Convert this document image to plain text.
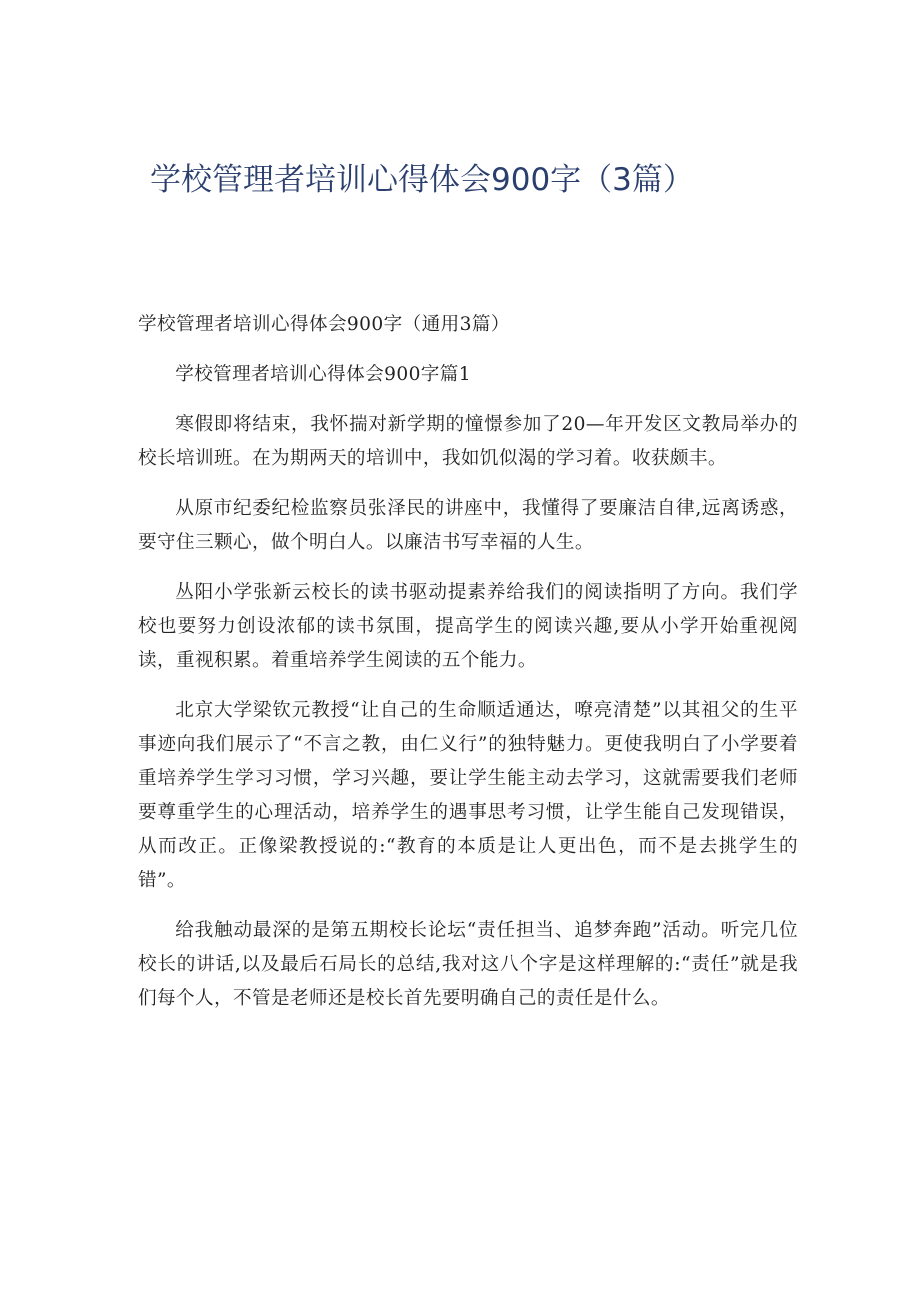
学校管理者培训心得体会900字（3篇）

学校管理者培训心得体会900字（通用3篇）

学校管理者培训心得体会900字篇1

寒假即将结束，我怀揣对新学期的憧憬参加了20—年开发区文教局举办的校长培训班。在为期两天的培训中，我如饥似渴的学习着。收获颇丰。

从原市纪委纪检监察员张泽民的讲座中，我懂得了要廉洁自律,远离诱惑，要守住三颗心，做个明白人。以廉洁书写幸福的人生。

丛阳小学张新云校长的读书驱动提素养给我们的阅读指明了方向。我们学校也要努力创设浓郁的读书氛围，提高学生的阅读兴趣,要从小学开始重视阅读，重视积累。着重培养学生阅读的五个能力。

北京大学梁钦元教授“让自己的生命顺适通达，嘹亮清楚”以其祖父的生平事迹向我们展示了“不言之教，由仁义行”的独特魅力。更使我明白了小学要着重培养学生学习习惯，学习兴趣，要让学生能主动去学习，这就需要我们老师要尊重学生的心理活动，培养学生的遇事思考习惯，让学生能自己发现错误，从而改正。正像梁教授说的:“教育的本质是让人更出色，而不是去挑学生的错”。

给我触动最深的是第五期校长论坛“责任担当、追梦奔跑”活动。听完几位校长的讲话,以及最后石局长的总结,我对这八个字是这样理解的:“责任”就是我们每个人，不管是老师还是校长首先要明确自己的责任是什么。
